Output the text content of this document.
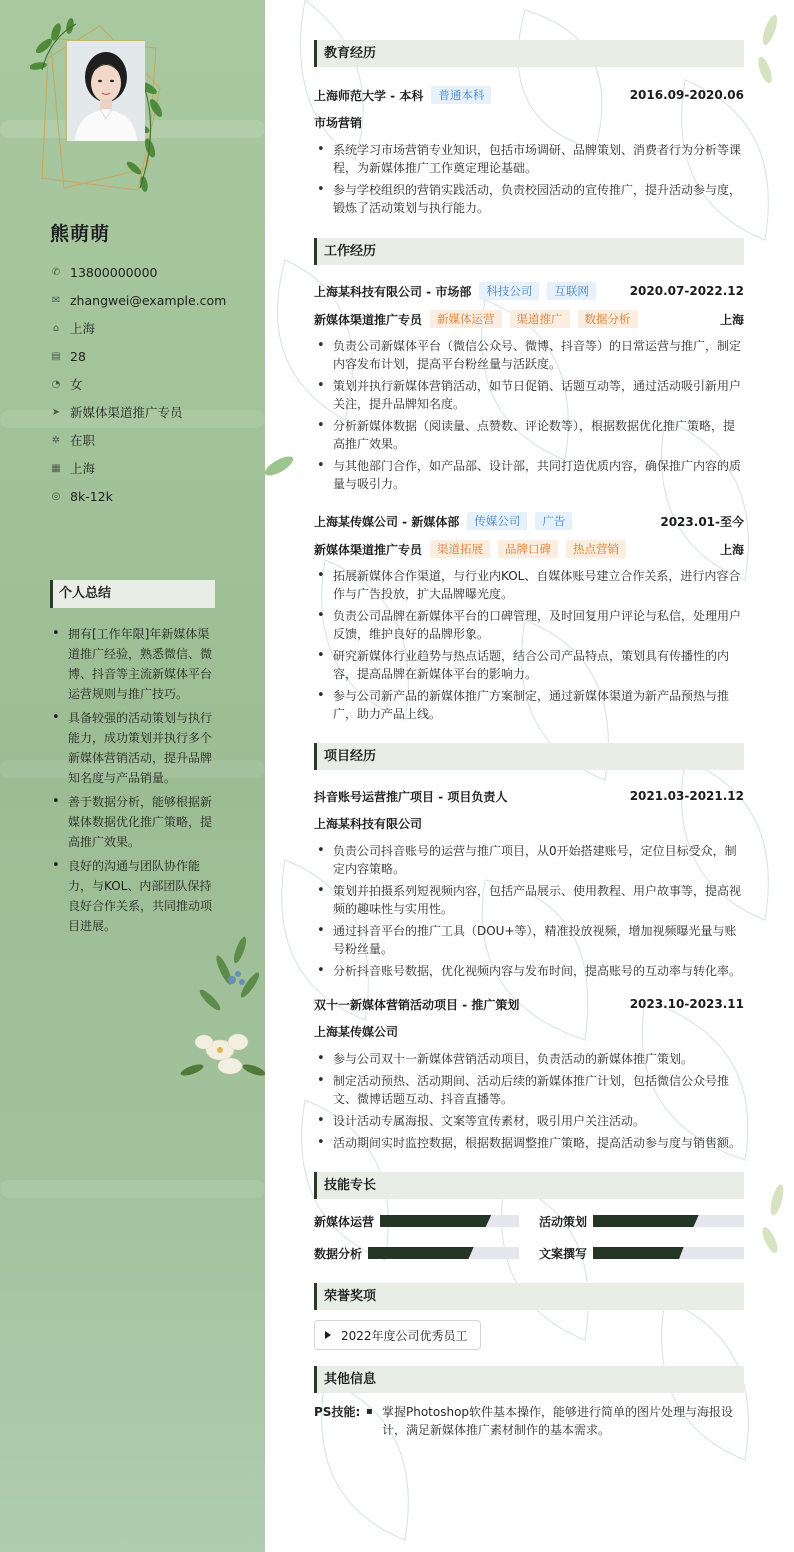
熊萌萌
✆ 13800000000
✉ zhangwei@example.com
⌂ 上海
▤ 28
◔ 女
➤ 新媒体渠道推广专员
✲ 在职
▦ 上海
◎ 8k-12k
个人总结
• 拥有[工作年限]年新媒体渠道推广经验，熟悉微信、微博、抖音等主流新媒体平台运营规则与推广技巧。
• 具备较强的活动策划与执行能力，成功策划并执行多个新媒体营销活动，提升品牌知名度与产品销量。
• 善于数据分析，能够根据新媒体数据优化推广策略，提高推广效果。
• 良好的沟通与团队协作能力，与KOL、内部团队保持良好合作关系，共同推动项目进展。
教育经历
上海师范大学 - 本科	普通本科	2016.09-2020.06
市场营销
• 系统学习市场营销专业知识，包括市场调研、品牌策划、消费者行为分析等课程，为新媒体推广工作奠定理论基础。
• 参与学校组织的营销实践活动，负责校园活动的宣传推广，提升活动参与度，锻炼了活动策划与执行能力。
工作经历
上海某科技有限公司 - 市场部	科技公司	互联网	2020.07-2022.12
新媒体渠道推广专员	新媒体运营	渠道推广	数据分析	上海
• 负责公司新媒体平台（微信公众号、微博、抖音等）的日常运营与推广，制定内容发布计划，提高平台粉丝量与活跃度。
• 策划并执行新媒体营销活动，如节日促销、话题互动等，通过活动吸引新用户关注，提升品牌知名度。
• 分析新媒体数据（阅读量、点赞数、评论数等），根据数据优化推广策略，提高推广效果。
• 与其他部门合作，如产品部、设计部，共同打造优质内容，确保推广内容的质量与吸引力。
上海某传媒公司 - 新媒体部	传媒公司	广告	2023.01-至今
新媒体渠道推广专员	渠道拓展	品牌口碑	热点营销	上海
• 拓展新媒体合作渠道，与行业内KOL、自媒体账号建立合作关系，进行内容合作与广告投放，扩大品牌曝光度。
• 负责公司品牌在新媒体平台的口碑管理，及时回复用户评论与私信，处理用户反馈，维护良好的品牌形象。
• 研究新媒体行业趋势与热点话题，结合公司产品特点，策划具有传播性的内容，提高品牌在新媒体平台的影响力。
• 参与公司新产品的新媒体推广方案制定，通过新媒体渠道为新产品预热与推广，助力产品上线。
项目经历
抖音账号运营推广项目 - 项目负责人	2021.03-2021.12
上海某科技有限公司
• 负责公司抖音账号的运营与推广项目，从0开始搭建账号，定位目标受众，制定内容策略。
• 策划并拍摄系列短视频内容，包括产品展示、使用教程、用户故事等，提高视频的趣味性与实用性。
• 通过抖音平台的推广工具（DOU+等），精准投放视频，增加视频曝光量与账号粉丝量。
• 分析抖音账号数据，优化视频内容与发布时间，提高账号的互动率与转化率。
双十一新媒体营销活动项目 - 推广策划	2023.10-2023.11
上海某传媒公司
• 参与公司双十一新媒体营销活动项目，负责活动的新媒体推广策划。
• 制定活动预热、活动期间、活动后续的新媒体推广计划，包括微信公众号推文、微博话题互动、抖音直播等。
• 设计活动专属海报、文案等宣传素材，吸引用户关注活动。
• 活动期间实时监控数据，根据数据调整推广策略，提高活动参与度与销售额。
技能专长
新媒体运营	活动策划
数据分析	文案撰写
荣誉奖项
2022年度公司优秀员工
其他信息
PS技能:
▪	掌握Photoshop软件基本操作，能够进行简单的图片处理与海报设计，满足新媒体推广素材制作的基本需求。
